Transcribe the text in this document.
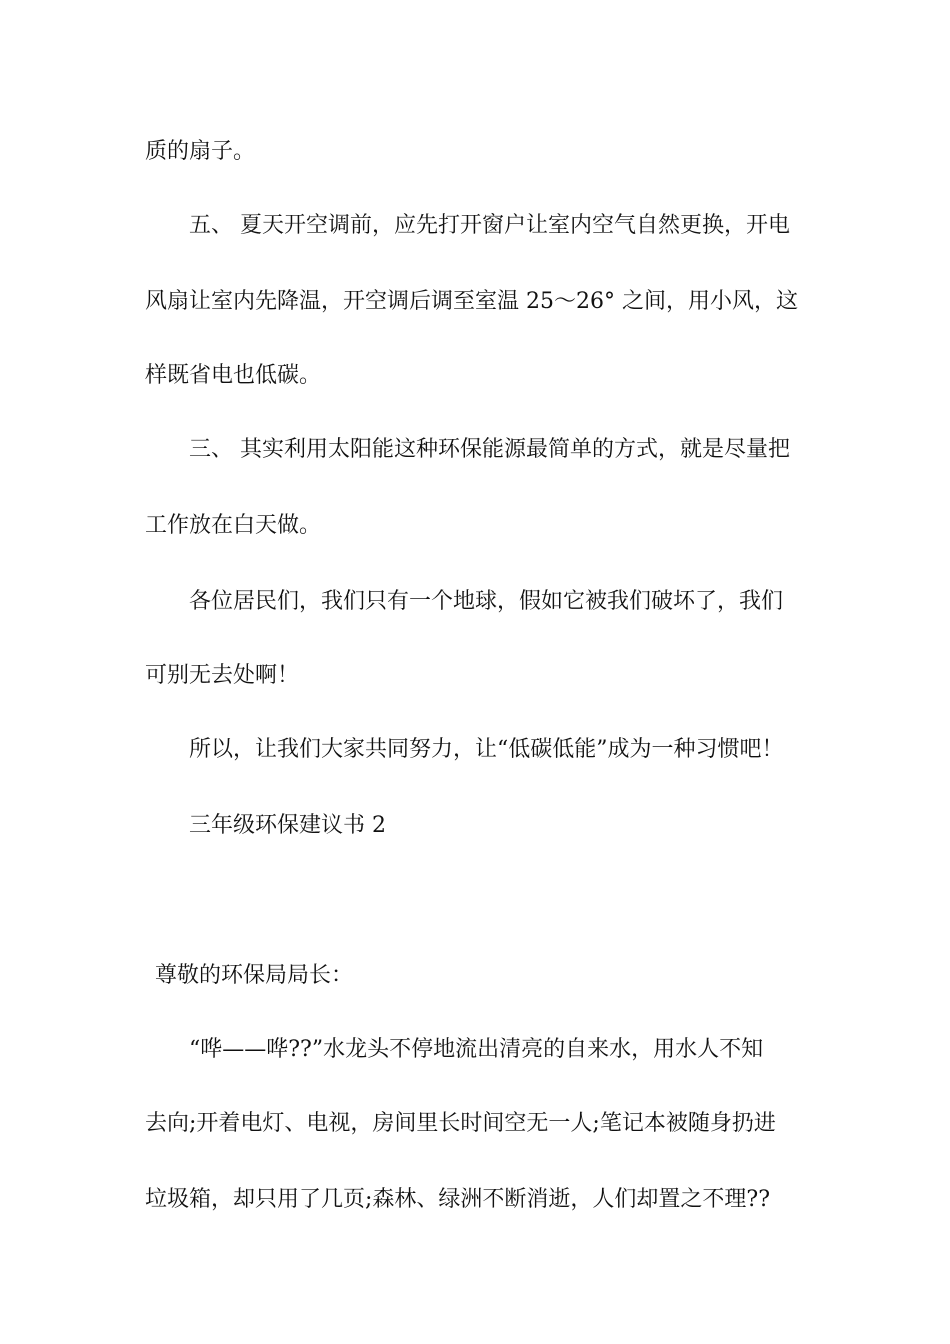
质的扇子。
五、 夏天开空调前，应先打开窗户让室内空气自然更换，开电
风扇让室内先降温，开空调后调至室温 25～26° 之间，用小风，这
样既省电也低碳。
三、 其实利用太阳能这种环保能源最简单的方式，就是尽量把
工作放在白天做。
各位居民们，我们只有一个地球，假如它被我们破坏了，我们
可别无去处啊！
所以，让我们大家共同努力，让“低碳低能”成为一种习惯吧！
三年级环保建议书 2
尊敬的环保局局长：
“哗——哗??”水龙头不停地流出清亮的自来水，用水人不知
去向;开着电灯、电视，房间里长时间空无一人;笔记本被随身扔进
垃圾箱，却只用了几页;森林、绿洲不断消逝，人们却置之不理??
